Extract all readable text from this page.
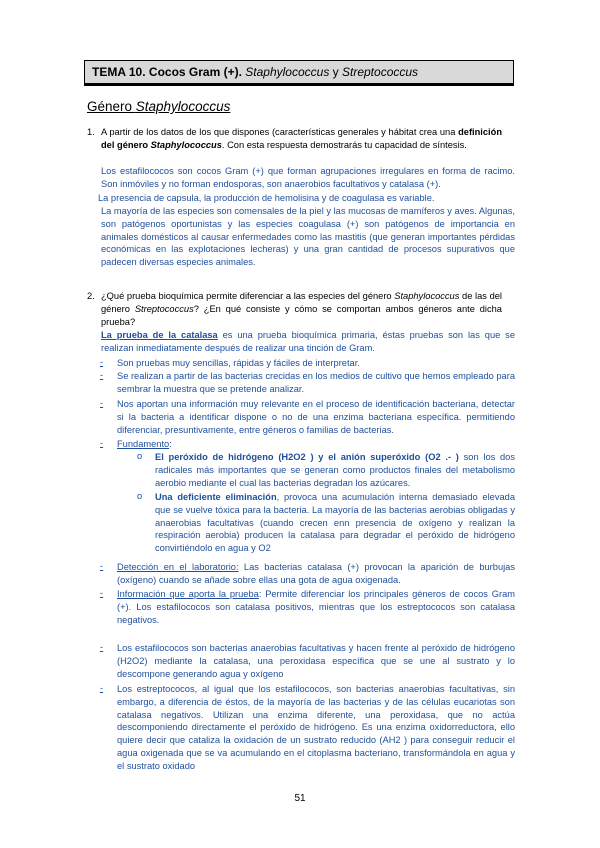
TEMA 10. Cocos Gram (+).
Staphylococcus y Streptococcus
Género Staphylococcus
1. A partir de los datos de los que dispones (características generales y hábitat crea una definición del género Staphylococcus. Con esta respuesta demostrarás tu capacidad de síntesis.
Los estafilococos son cocos Gram (+) que forman agrupaciones irregulares en forma de racimo. Son inmóviles y no forman endosporas, son anaerobios facultativos y catalasa (+).
La presencia de capsula, la producción de hemolisina y de coagulasa es variable.
La mayoría de las especies son comensales de la piel y las mucosas de mamíferos y aves. Algunas, son patógenos oportunistas y las especies coagulasa (+) son patógenos de importancia en animales domésticos al causar enfermedades como las mastitis (que generan importantes pérdidas económicas en las explotaciones lecheras) y una gran cantidad de procesos supurativos que padecen diversas especies animales.
2. ¿Qué prueba bioquímica permite diferenciar a las especies del género Staphylococcus de las del género Streptococcus? ¿En qué consiste y cómo se comportan ambos géneros ante dicha prueba?
La prueba de la catalasa es una prueba bioquímica primaria, éstas pruebas son las que se realizan inmediatamente después de realizar una tinción de Gram.
- Son pruebas muy sencillas, rápidas y fáciles de interpretar.
- Se realizan a partir de las bacterias crecidas en los medios de cultivo que hemos empleado para sembrar la muestra que se pretende analizar.
- Nos aportan una información muy relevante en el proceso de identificación bacteriana, detectar si la bacteria a identificar dispone o no de una enzima bacteriana específica. permitiendo diferenciar, presuntivamente, entre géneros o familias de bacterias.
- Fundamento:
o El peróxido de hidrógeno (H2O2 ) y el anión superóxido (O2 .- ) son los dos radicales más importantes que se generan como productos finales del metabolismo aerobio mediante el cual las bacterias degradan los azúcares.
o Una deficiente eliminación, provoca una acumulación interna demasiado elevada que se vuelve tóxica para la bacteria. La mayoría de las bacterias aerobias obligadas y anaerobias facultativas (cuando crecen enn presencia de oxígeno y realizan la respiración aerobia) producen la catalasa para degradar el peróxido de hidrógeno convirtiéndolo en agua y O2
- Detección en el laboratorio: Las bacterias catalasa (+) provocan la aparición de burbujas (oxígeno) cuando se añade sobre ellas una gota de agua oxigenada.
- Información que aporta la prueba: Permite diferenciar los principales géneros de cocos Gram (+). Los estafilococos son catalasa positivos, mientras que los estreptococos son catalasa negativos.
- Los estafilococos son bacterias anaerobias facultativas y hacen frente al peróxido de hidrógeno (H2O2) mediante la catalasa, una peroxidasa específica que se une al sustrato y lo descompone generando agua y oxígeno
- Los estreptococos, al igual que los estafilococos, son bacterias anaerobias facultativas, sin embargo, a diferencia de éstos, de la mayoría de las bacterias y de las células eucariotas son catalasa negativos. Utilizan una enzima diferente, una peroxidasa, que no actúa descomponiendo directamente el peróxido de hidrógeno. Es una enzima oxidorreductora, ello quiere decir que cataliza la oxidación de un sustrato reducido (AH2 ) para conseguir reducir el agua oxigenada que se va acumulando en el citoplasma bacteriano, transformándola en agua y el sustrato oxidado
51
